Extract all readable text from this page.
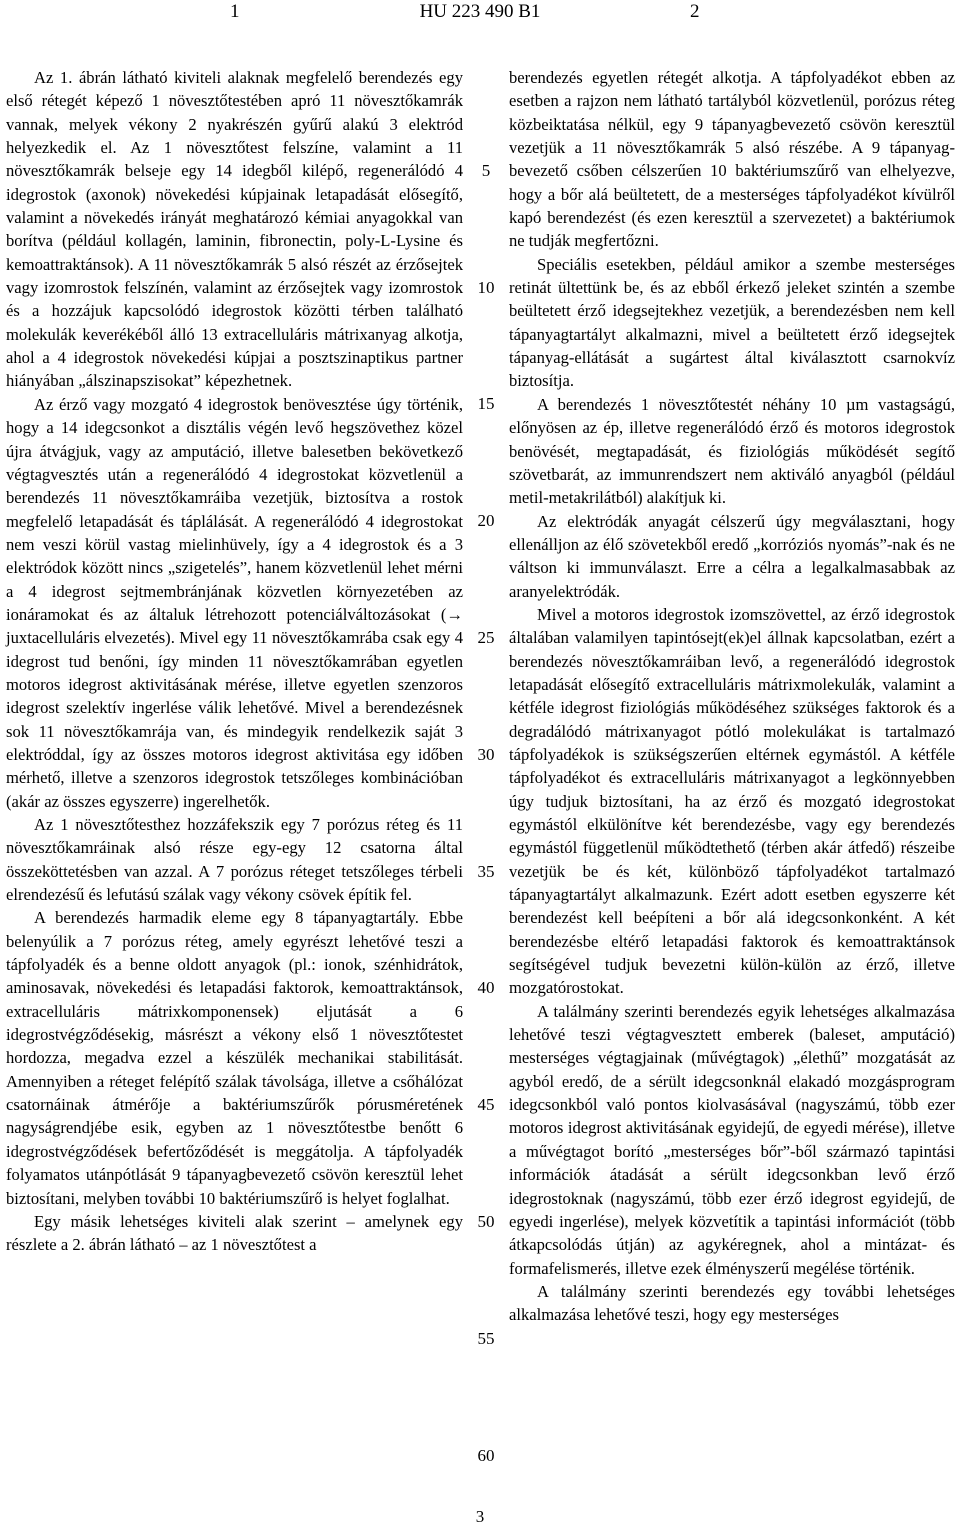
1	HU 223 490 B1	2

Az 1. ábrán látható kiviteli alaknak megfelelő berendezés egy első rétegét képező 1 növesztőtestében apró 11 növesztőkamrák vannak, melyek vékony 2 nyakrészén gyűrű alakú 3 elektród helyezkedik el. Az 1 növesztőtest felszíne, valamint a 11 növesztőkamrák belseje egy 14 idegből kilépő, regenerálódó 4 idegrostok (axonok) növekedési kúpjainak letapadását elősegítő, valamint a növekedés irányát meghatározó kémiai anyagokkal van borítva (például kollagén, laminin, fibronectin, poly-L-Lysine és kemoattraktánsok). A 11 növesztőkamrák 5 alsó részét az érzősejtek vagy izomrostok felszínén, valamint az érzősejtek vagy izomrostok és a hozzájuk kapcsolódó idegrostok közötti térben található molekulák keverékéből álló 13 extracelluláris mátrixanyag alkotja, ahol a 4 idegrostok növekedési kúpjai a posztszinaptikus partner hiányában „álszinapszisokat” képezhetnek.

Az érző vagy mozgató 4 idegrostok benövesztése úgy történik, hogy a 14 idegcsonkot a disztális végén levő hegszövethez közel újra átvágjuk, vagy az amputáció, illetve balesetben bekövetkező végtagvesztés után a regenerálódó 4 idegrostokat közvetlenül a berendezés 11 növesztőkamráiba vezetjük, biztosítva a rostok megfelelő letapadását és táplálását. A regenerálódó 4 idegrostokat nem veszi körül vastag mielinhüvely, így a 4 idegrostok és a 3 elektródok között nincs „szigetelés”, hanem közvetlenül lehet mérni a 4 idegrost sejtmembránjának közvetlen környezetében az ionáramokat és az általuk létrehozott potenciálváltozásokat (→ juxtacelluláris elvezetés). Mivel egy 11 növesztőkamrába csak egy 4 idegrost tud benőni, így minden 11 növesztőkamrában egyetlen motoros idegrost aktivitásának mérése, illetve egyetlen szenzoros idegrost szelektív ingerlése válik lehetővé. Mivel a berendezésnek sok 11 növesztőkamrája van, és mindegyik rendelkezik saját 3 elektróddal, így az összes motoros idegrost aktivitása egy időben mérhető, illetve a szenzoros idegrostok tetszőleges kombinációban (akár az összes egyszerre) ingerelhetők.

Az 1 növesztőtesthez hozzáfekszik egy 7 porózus réteg és 11 növesztőkamráinak alsó része egy-egy 12 csatorna által összeköttetésben van azzal. A 7 porózus réteget tetszőleges térbeli elrendezésű és lefutású szálak vagy vékony csövek építik fel.

A berendezés harmadik eleme egy 8 tápanyagtartály. Ebbe belenyúlik a 7 porózus réteg, amely egyrészt lehetővé teszi a tápfolyadék és a benne oldott anyagok (pl.: ionok, szénhidrátok, aminosavak, növekedési és letapadási faktorok, kemoattraktánsok, extracelluláris mátrixkomponensek) eljutását a 6 idegrostvégződésekig, másrészt a vékony első 1 növesztőtestet hordozza, megadva ezzel a készülék mechanikai stabilitását. Amennyiben a réteget felépítő szálak távolsága, illetve a csőhálózat csatornáinak átmérője a baktériumszűrők pórusméretének nagyságrendjébe esik, egyben az 1 növesztőtestbe benőtt 6 idegrostvégződések befertőződését is meggátolja. A tápfolyadék folyamatos utánpótlását 9 tápanyagbevezető csövön keresztül lehet biztosítani, melyben további 10 baktériumszűrő is helyet foglalhat.

Egy másik lehetséges kiviteli alak szerint – amelynek egy részlete a 2. ábrán látható – az 1 növesztőtest a

5
10
15
20
25
30
35
40
45
50
55
60

berendezés egyetlen rétegét alkotja. A tápfolyadékot ebben az esetben a rajzon nem látható tartályból közvetlenül, porózus réteg közbeiktatása nélkül, egy 9 tápanyagbevezető csövön keresztül vezetjük a 11 növesztőkamrák 5 alsó részébe. A 9 tápanyag-bevezető csőben célszerűen 10 baktériumszűrő van elhelyezve, hogy a bőr alá beültetett, de a mesterséges tápfolyadékot kívülről kapó berendezést (és ezen keresztül a szervezetet) a baktériumok ne tudják megfertőzni.

Speciális esetekben, például amikor a szembe mesterséges retinát ültettünk be, és az ebből érkező jeleket szintén a szembe beültetett érző idegsejtekhez vezetjük, a berendezésben nem kell tápanyagtartályt alkalmazni, mivel a beültetett érző idegsejtek tápanyag-ellátását a sugártest által kiválasztott csarnokvíz biztosítja.

A berendezés 1 növesztőtestét néhány 10 µm vastagságú, előnyösen az ép, illetve regenerálódó érző és motoros idegrostok benövését, megtapadását, és fiziológiás működését segítő szövetbarát, az immunrendszert nem aktiváló anyagból (például metil-metakrilátból) alakítjuk ki.

Az elektródák anyagát célszerű úgy megválasztani, hogy ellenálljon az élő szövetekből eredő „korróziós nyomás”-nak és ne váltson ki immunválaszt. Erre a célra a legalkalmasabbak az aranyelektródák.

Mivel a motoros idegrostok izomszövettel, az érző idegrostok általában valamilyen tapintósejt(ek)el állnak kapcsolatban, ezért a berendezés növesztőkamráiban levő, a regenerálódó idegrostok letapadását elősegítő extracelluláris mátrixmolekulák, valamint a kétféle idegrost fiziológiás működéséhez szükséges faktorok és a degradálódó mátrixanyagot pótló molekulákat is tartalmazó tápfolyadékok is szükségszerűen eltérnek egymástól. A kétféle tápfolyadékot és extracelluláris mátrixanyagot a legkönnyebben úgy tudjuk biztosítani, ha az érző és mozgató idegrostokat egymástól elkülönítve két berendezésbe, vagy egy berendezés egymástól függetlenül működtethető (térben akár átfedő) részeibe vezetjük be és két, különböző tápfolyadékot tartalmazó tápanyagtartályt alkalmazunk. Ezért adott esetben egyszerre két berendezést kell beépíteni a bőr alá idegcsonkonként. A két berendezésbe eltérő letapadási faktorok és kemoattraktánsok segítségével tudjuk bevezetni külön-külön az érző, illetve mozgatórostokat.

A találmány szerinti berendezés egyik lehetséges alkalmazása lehetővé teszi végtagvesztett emberek (baleset, amputáció) mesterséges végtagjainak (művégtagok) „élethű” mozgatását az agyból eredő, de a sérült idegcsonknál elakadó mozgásprogram idegcsonkból való pontos kiolvasásával (nagyszámú, több ezer motoros idegrost aktivitásának egyidejű, de egyedi mérése), illetve a művégtagot borító „mesterséges bőr”-ből származó tapintási információk átadását a sérült idegcsonkban levő érző idegrostoknak (nagyszámú, több ezer érző idegrost egyidejű, de egyedi ingerlése), melyek közvetítik a tapintási információt (több átkapcsolódás útján) az agykéregnek, ahol a mintázat- és formafelismerés, illetve ezek élményszerű megélése történik.

A találmány szerinti berendezés egy további lehetséges alkalmazása lehetővé teszi, hogy egy mesterséges

3
